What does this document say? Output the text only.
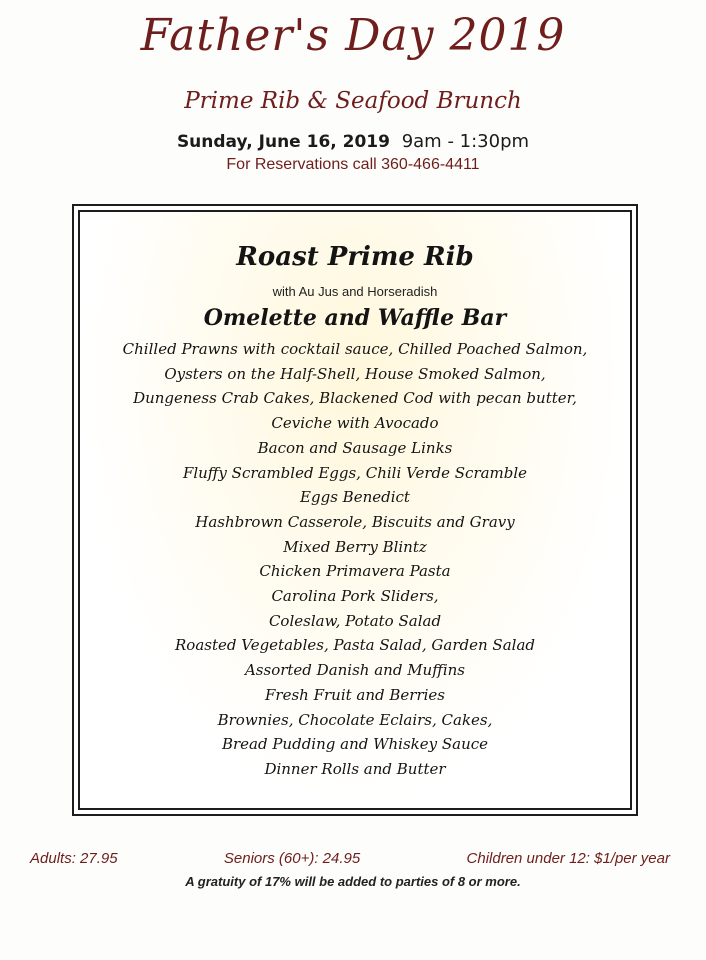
Father's Day 2019
Prime Rib & Seafood Brunch
Sunday, June 16, 2019 9am - 1:30pm
For Reservations call 360-466-4411
Roast Prime Rib
with Au Jus and Horseradish
Omelette and Waffle Bar
Chilled Prawns with cocktail sauce, Chilled Poached Salmon,
Oysters on the Half-Shell, House Smoked Salmon,
Dungeness Crab Cakes, Blackened Cod with pecan butter,
Ceviche with Avocado
Bacon and Sausage Links
Fluffy Scrambled Eggs, Chili Verde Scramble
Eggs Benedict
Hashbrown Casserole, Biscuits and Gravy
Mixed Berry Blintz
Chicken Primavera Pasta
Carolina Pork Sliders,
Coleslaw, Potato Salad
Roasted Vegetables, Pasta Salad, Garden Salad
Assorted Danish and Muffins
Fresh Fruit and Berries
Brownies, Chocolate Eclairs, Cakes,
Bread Pudding and Whiskey Sauce
Dinner Rolls and Butter
Adults: 27.95	Seniors (60+): 24.95	Children under 12: $1/per year
A gratuity of 17% will be added to parties of 8 or more.
